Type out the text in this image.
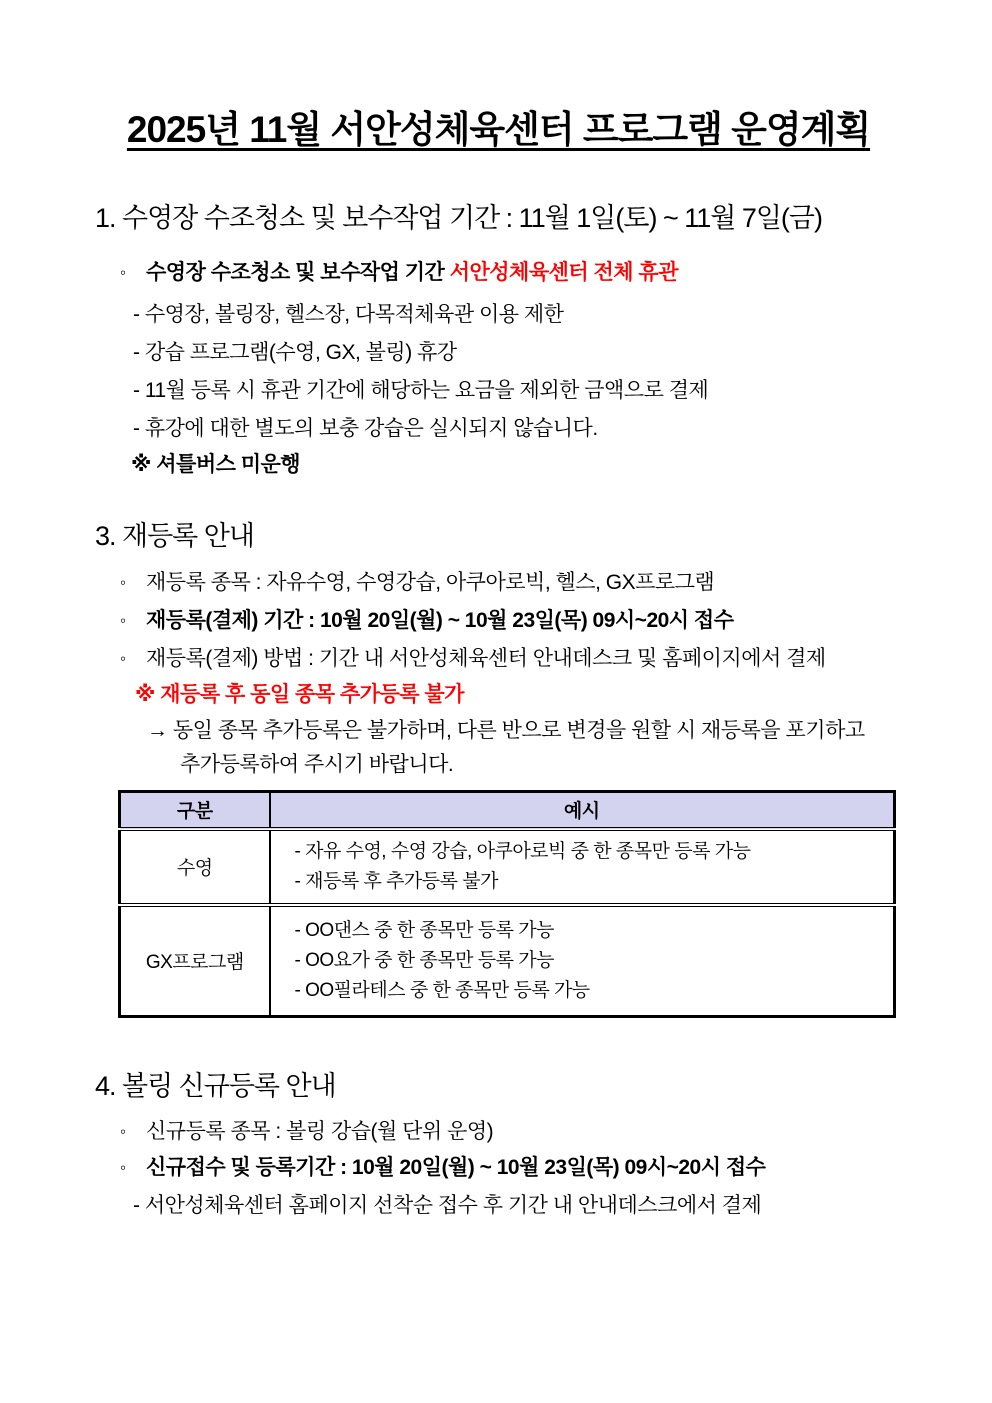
2025년 11월 서안성체육센터 프로그램 운영계획
1. 수영장 수조청소 및 보수작업 기간 : 11월 1일(토) ~ 11월 7일(금)
◦ 수영장 수조청소 및 보수작업 기간 서안성체육센터 전체 휴관
- 수영장, 볼링장, 헬스장, 다목적체육관 이용 제한
- 강습 프로그램(수영, GX, 볼링) 휴강
- 11월 등록 시 휴관 기간에 해당하는 요금을 제외한 금액으로 결제
- 휴강에 대한 별도의 보충 강습은 실시되지 않습니다.
※ 셔틀버스 미운행
3. 재등록 안내
◦ 재등록 종목 : 자유수영, 수영강습, 아쿠아로빅, 헬스, GX프로그램
◦ 재등록(결제) 기간 : 10월 20일(월) ~ 10월 23일(목) 09시~20시 접수
◦ 재등록(결제) 방법 : 기간 내 서안성체육센터 안내데스크 및 홈페이지에서 결제
※ 재등록 후 동일 종목 추가등록 불가
→ 동일 종목 추가등록은 불가하며, 다른 반으로 변경을 원할 시 재등록을 포기하고
추가등록하여 주시기 바랍니다.
구분	예시
수영	- 자유 수영, 수영 강습, 아쿠아로빅 중 한 종목만 등록 가능
- 재등록 후 추가등록 불가

GX프로그램	- OO댄스 중 한 종목만 등록 가능
- OO요가 중 한 종목만 등록 가능
- OO필라테스 중 한 종목만 등록 가능
4. 볼링 신규등록 안내
◦ 신규등록 종목 : 볼링 강습(월 단위 운영)
◦ 신규접수 및 등록기간 : 10월 20일(월) ~ 10월 23일(목) 09시~20시 접수
- 서안성체육센터 홈페이지 선착순 접수 후 기간 내 안내데스크에서 결제
